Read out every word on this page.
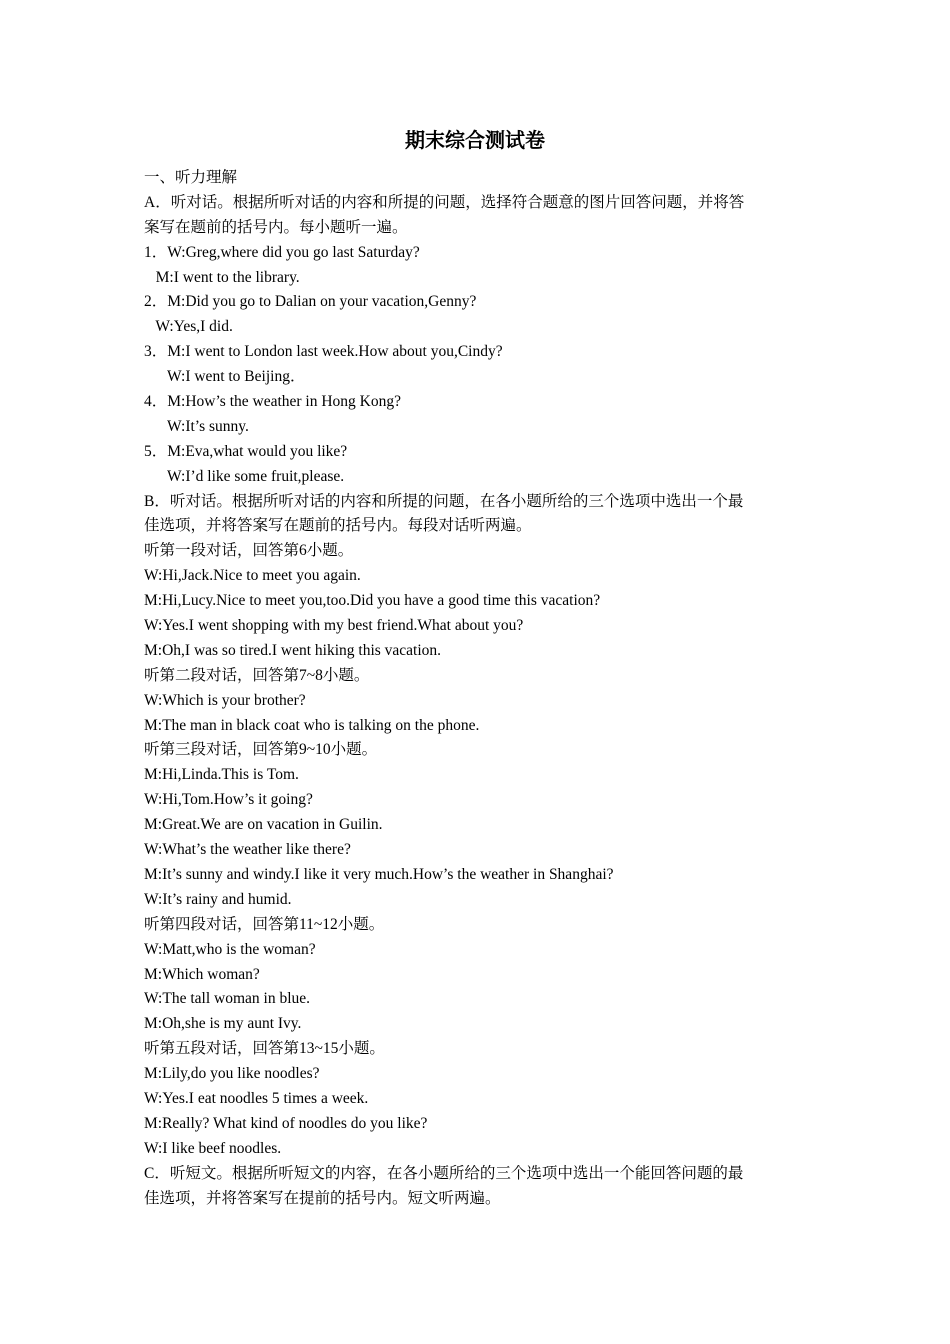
期末综合测试卷
一、听力理解
A．听对话。根据所听对话的内容和所提的问题，选择符合题意的图片回答问题，并将答
案写在题前的括号内。每小题听一遍。
1．W:Greg,where did you go last Saturday?
M:I went to the library.
2．M:Did you go to Dalian on your vacation,Genny?
W:Yes,I did.
3．M:I went to London last week.How about you,Cindy?
W:I went to Beijing．
4．M:How’s the weather in Hong Kong?
W:It’s sunny.
5．M:Eva,what would you like?
W:I’d like some fruit,please.
B．听对话。根据所听对话的内容和所提的问题，在各小题所给的三个选项中选出一个最
佳选项，并将答案写在题前的括号内。每段对话听两遍。
听第一段对话，回答第6小题。
W:Hi,Jack.Nice to meet you again.
M:Hi,Lucy.Nice to meet you,too.Did you have a good time this vacation?
W:Yes.I went shopping with my best friend.What about you?
M:Oh,I was so tired.I went hiking this vacation.
听第二段对话，回答第7~8小题。
W:Which is your brother?
M:The man in black coat who is talking on the phone.
听第三段对话，回答第9~10小题。
M:Hi,Linda.This is Tom.
W:Hi,Tom.How’s it going?
M:Great.We are on vacation in Guilin.
W:What’s the weather like there?
M:It’s sunny and windy.I like it very much.How’s the weather in Shanghai?
W:It’s rainy and humid.
听第四段对话，回答第11~12小题。
W:Matt,who is the woman?
M:Which woman?
W:The tall woman in blue.
M:Oh,she is my aunt Ivy.
听第五段对话，回答第13~15小题。
M:Lily,do you like noodles?
W:Yes.I eat noodles 5 times a week.
M:Really? What kind of noodles do you like?
W:I like beef noodles.
C．听短文。根据所听短文的内容，在各小题所给的三个选项中选出一个能回答问题的最
佳选项，并将答案写在提前的括号内。短文听两遍。
